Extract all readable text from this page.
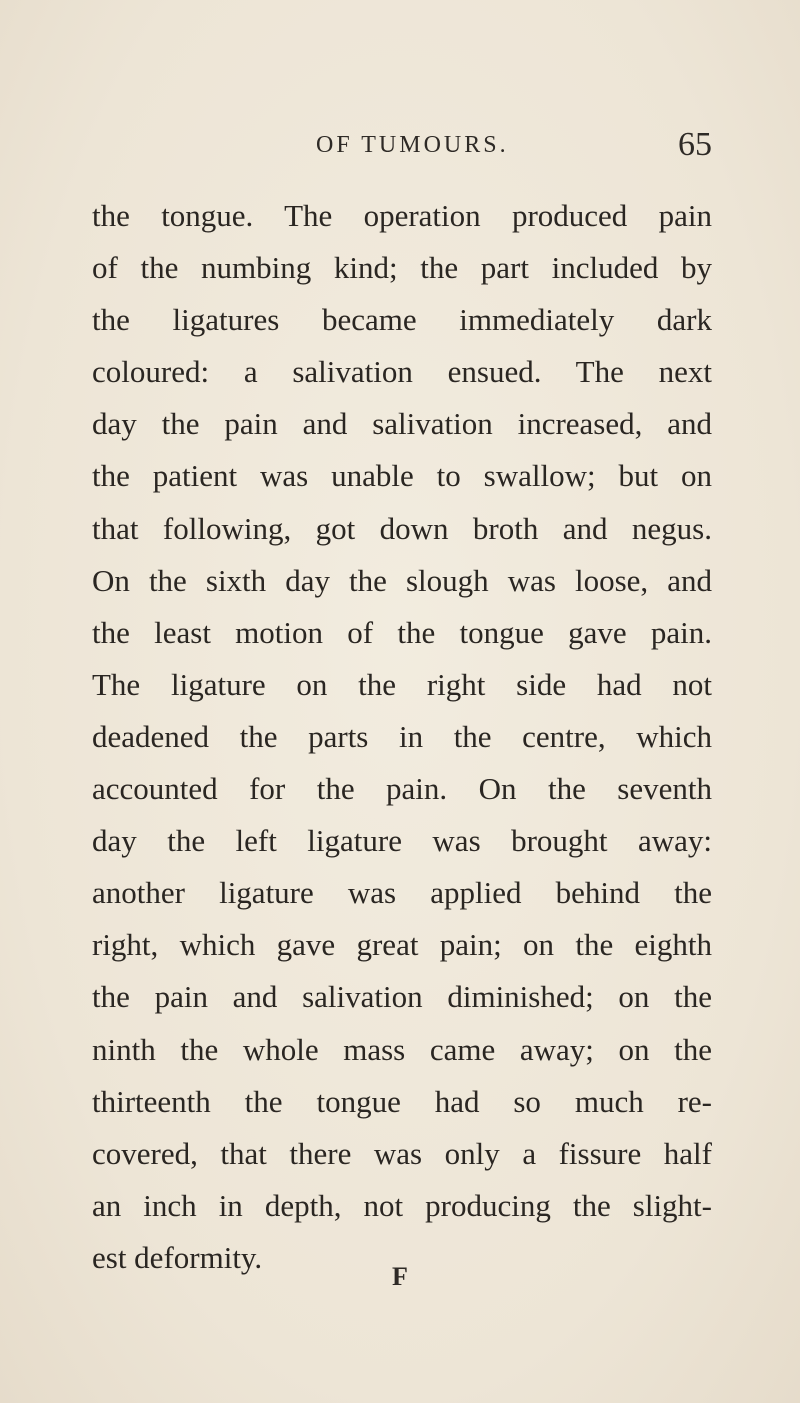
OF TUMOURS.	65
the tongue. The operation produced pain
of the numbing kind; the part included by
the ligatures became immediately dark
coloured: a salivation ensued. The next
day the pain and salivation increased, and
the patient was unable to swallow; but on
that following, got down broth and negus.
On the sixth day the slough was loose, and
the least motion of the tongue gave pain.
The ligature on the right side had not
deadened the parts in the centre, which
accounted for the pain. On the seventh
day the left ligature was brought away:
another ligature was applied behind the
right, which gave great pain; on the eighth
the pain and salivation diminished; on the
ninth the whole mass came away; on the
thirteenth the tongue had so much re-
covered, that there was only a fissure half
an inch in depth, not producing the slight-
est deformity.
F
